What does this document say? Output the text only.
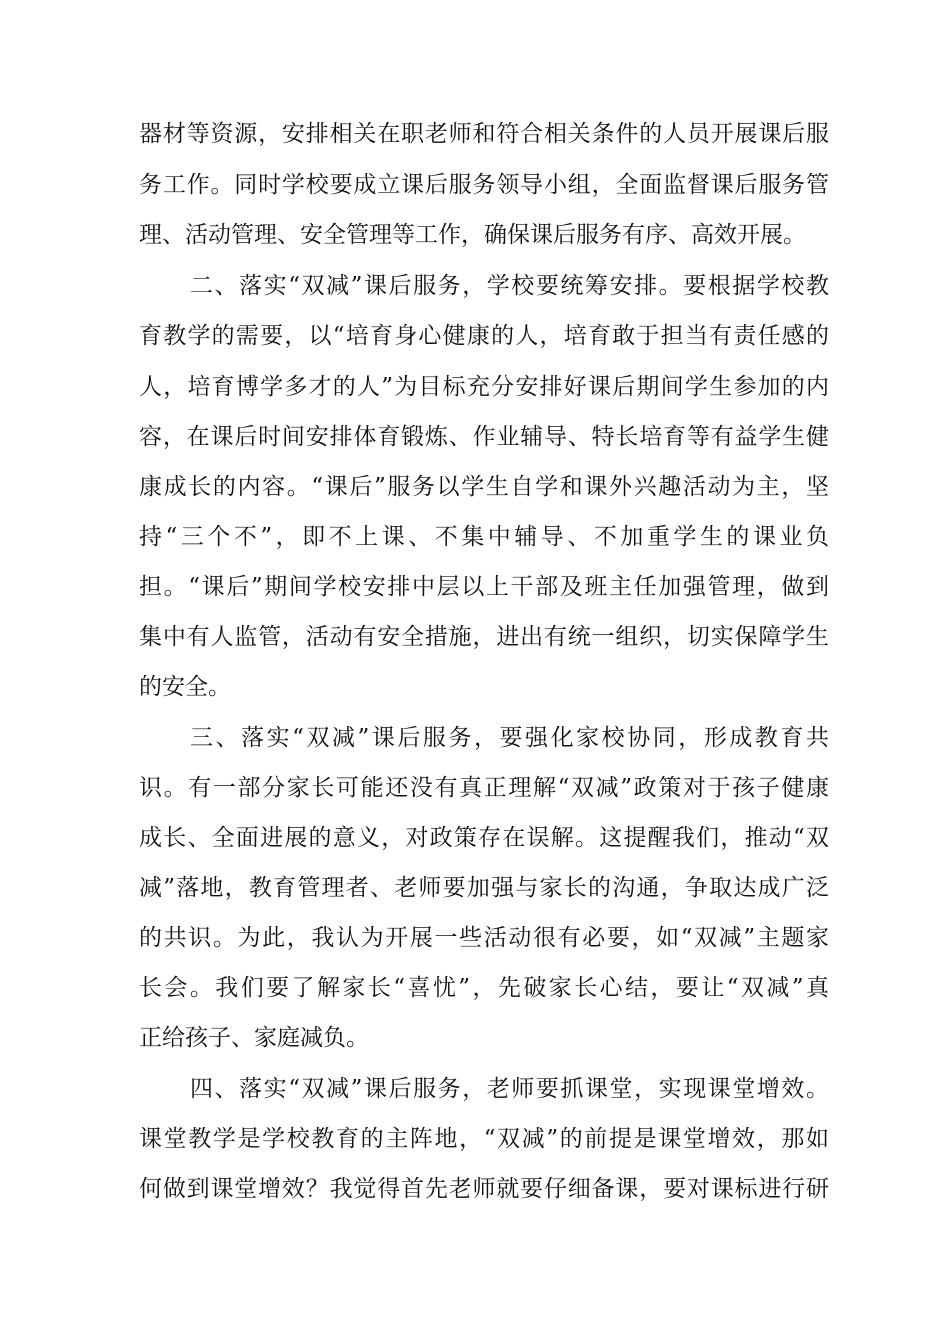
器材等资源，安排相关在职老师和符合相关条件的人员开展课后服
务工作。同时学校要成立课后服务领导小组，全面监督课后服务管
理、活动管理、安全管理等工作，确保课后服务有序、高效开展。
二、落实“双减”课后服务，学校要统筹安排。要根据学校教
育教学的需要，以“培育身心健康的人，培育敢于担当有责任感的
人，培育博学多才的人”为目标充分安排好课后期间学生参加的内
容，在课后时间安排体育锻炼、作业辅导、特长培育等有益学生健
康成长的内容。“课后”服务以学生自学和课外兴趣活动为主，坚
持“三个不”，即不上课、不集中辅导、不加重学生的课业负
担。“课后”期间学校安排中层以上干部及班主任加强管理，做到
集中有人监管，活动有安全措施，进出有统一组织，切实保障学生
的安全。
三、落实“双减”课后服务，要强化家校协同，形成教育共
识。有一部分家长可能还没有真正理解“双减”政策对于孩子健康
成长、全面进展的意义，对政策存在误解。这提醒我们，推动“双
减”落地，教育管理者、老师要加强与家长的沟通，争取达成广泛
的共识。为此，我认为开展一些活动很有必要，如“双减”主题家
长会。我们要了解家长“喜忧”，先破家长心结，要让“双减”真
正给孩子、家庭减负。
四、落实“双减”课后服务，老师要抓课堂，实现课堂增效。
课堂教学是学校教育的主阵地，“双减”的前提是课堂增效，那如
何做到课堂增效？我觉得首先老师就要仔细备课，要对课标进行研
